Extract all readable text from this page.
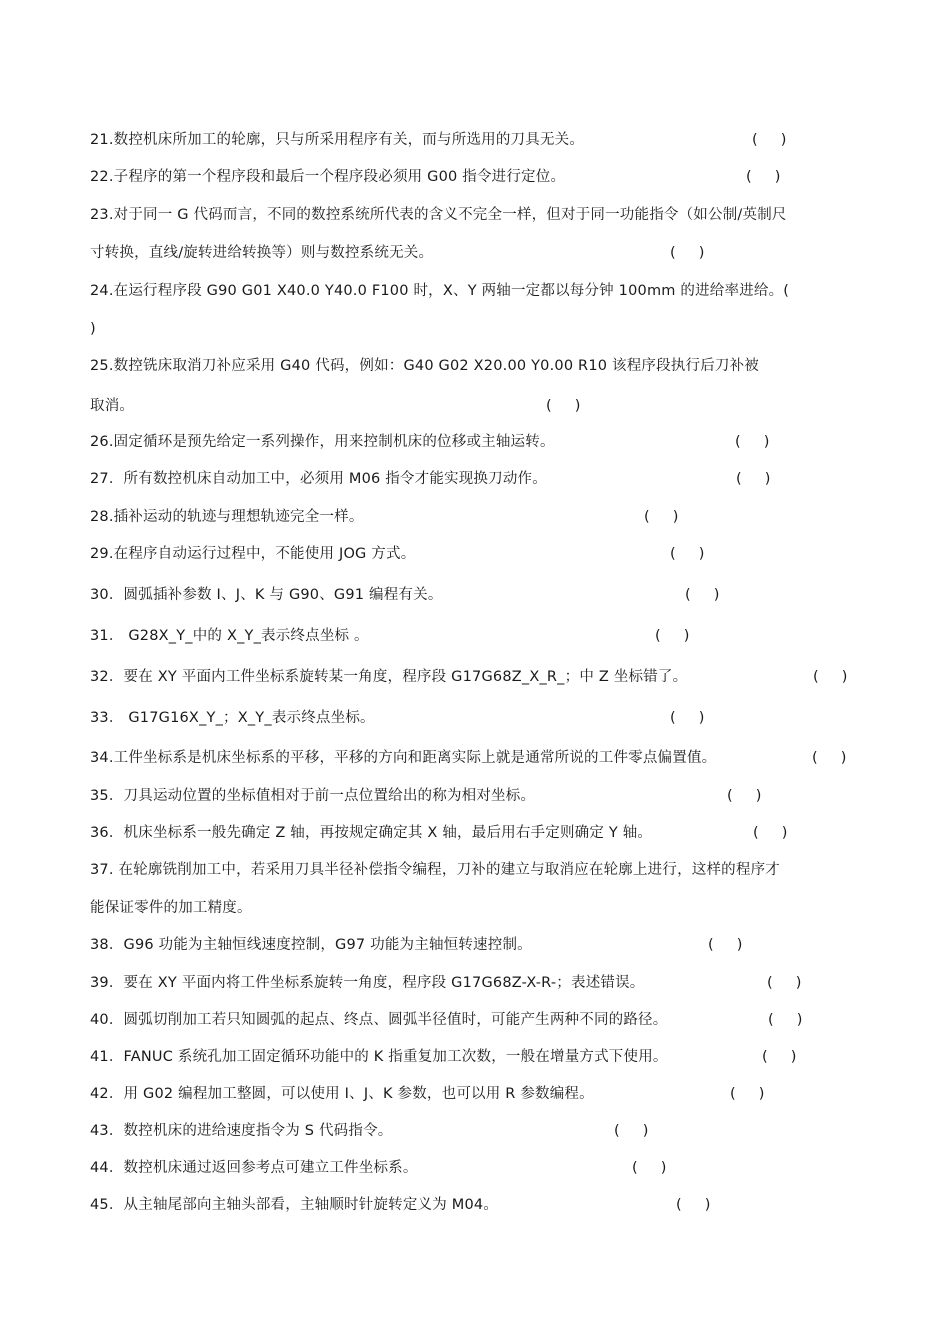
21.数控机床所加工的轮廓，只与所采用程序有关，而与所选用的刀具无关。	(     )
22.子程序的第一个程序段和最后一个程序段必须用 G00 指令进行定位。	(     )
23.对于同一 G 代码而言，不同的数控系统所代表的含义不完全一样，但对于同一功能指令（如公制/英制尺
寸转换，直线/旋转进给转换等）则与数控系统无关。	(     )
24.在运行程序段 G90 G01 X40.0 Y40.0 F100 时，X、Y 两轴一定都以每分钟 100mm 的进给率进给。(
)
25.数控铣床取消刀补应采用 G40 代码，例如：G40 G02 X20.00 Y0.00 R10 该程序段执行后刀补被
取消。	(     )
26.固定循环是预先给定一系列操作，用来控制机床的位移或主轴运转。	(     )
27．所有数控机床自动加工中，必须用 M06 指令才能实现换刀动作。	(     )
28.插补运动的轨迹与理想轨迹完全一样。	(     )
29.在程序自动运行过程中，不能使用 JOG 方式。	(     )
30．圆弧插补参数 I、J、K 与 G90、G91 编程有关。	(     )
31． G28X_Y_中的 X_Y_表示终点坐标 。	(     )
32．要在 XY 平面内工件坐标系旋转某一角度，程序段 G17G68Z_X_R_；中 Z 坐标错了。	(     )
33． G17G16X_Y_；X_Y_表示终点坐标。	(     )
34.工件坐标系是机床坐标系的平移，平移的方向和距离实际上就是通常所说的工件零点偏置值。	(     )
35．刀具运动位置的坐标值相对于前一点位置给出的称为相对坐标。	(     )
36．机床坐标系一般先确定 Z 轴，再按规定确定其 X 轴，最后用右手定则确定 Y 轴。	(     )
37. 在轮廓铣削加工中，若采用刀具半径补偿指令编程，刀补的建立与取消应在轮廓上进行，这样的程序才
能保证零件的加工精度。
38．G96 功能为主轴恒线速度控制，G97 功能为主轴恒转速控制。	(     )
39．要在 XY 平面内将工件坐标系旋转一角度，程序段 G17G68Z-X-R-；表述错误。	(     )
40．圆弧切削加工若只知圆弧的起点、终点、圆弧半径值时，可能产生两种不同的路径。	(     )
41．FANUC 系统孔加工固定循环功能中的 K 指重复加工次数，一般在增量方式下使用。	(     )
42．用 G02 编程加工整圆，可以使用 I、J、K 参数，也可以用 R 参数编程。	(     )
43．数控机床的进给速度指令为 S 代码指令。	(     )
44．数控机床通过返回参考点可建立工件坐标系。	(     )
45．从主轴尾部向主轴头部看，主轴顺时针旋转定义为 M04。	(     )
